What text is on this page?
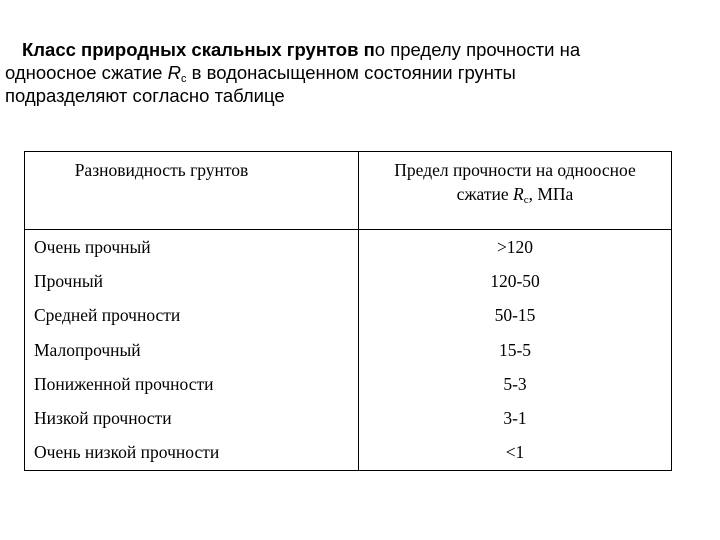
Класс природных скальных грунтов по пределу прочности на
одноосное сжатие $R_c$ в водонасыщенном состоянии грунты
подразделяют согласно таблице

Разновидность грунтов	Предел прочности на одноосное
сжатие $R_c$, МПа
Очень прочный	>120
Прочный	120-50
Средней прочности	50-15
Малопрочный	15-5
Пониженной прочности	5-3
Низкой прочности	3-1
Очень низкой прочности	<1
